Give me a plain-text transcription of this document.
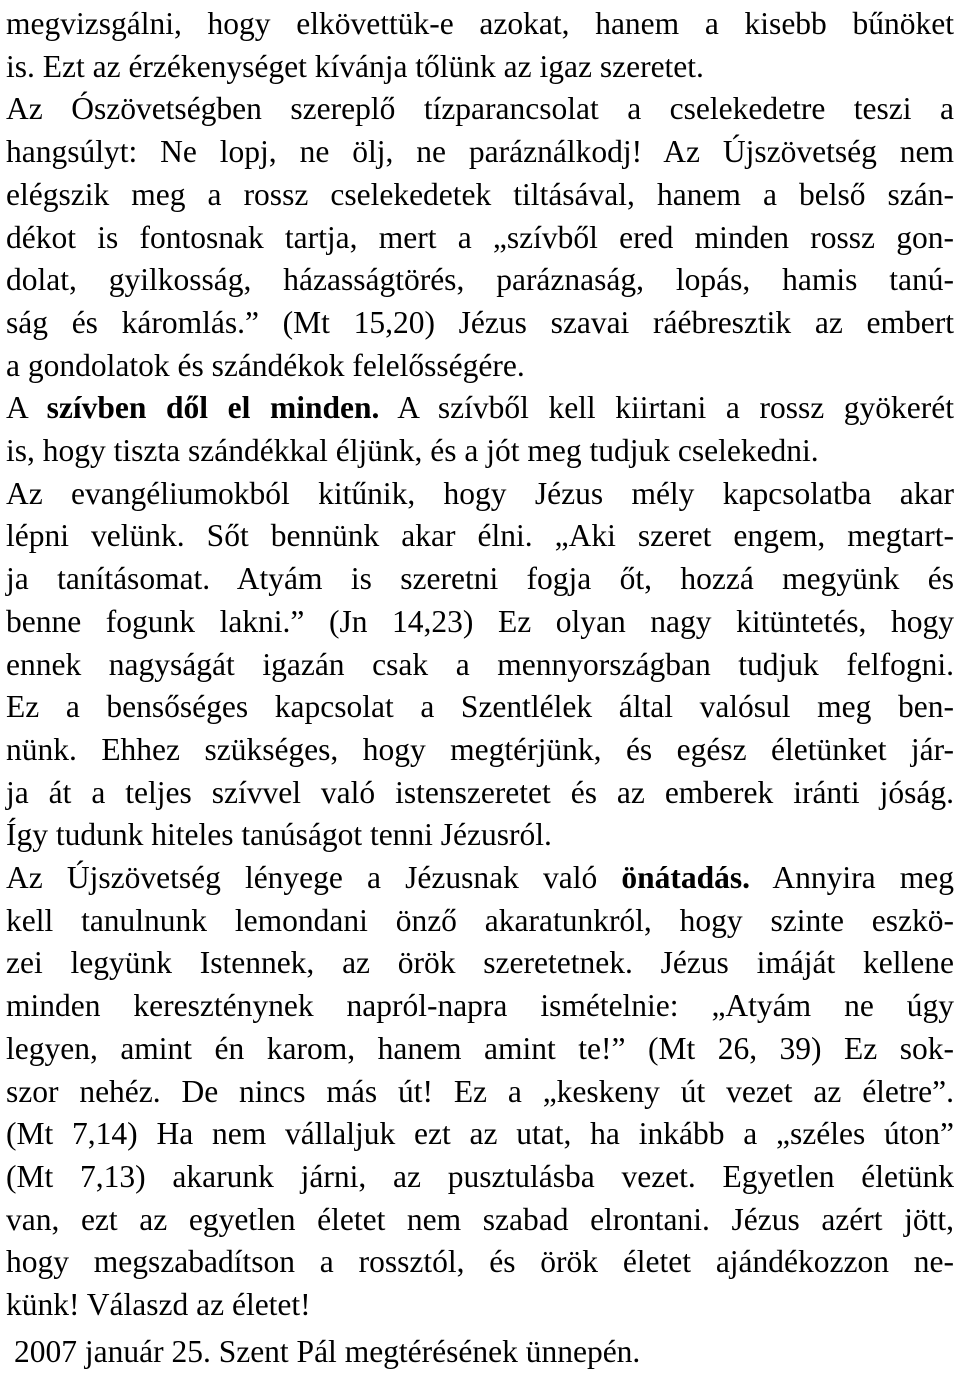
megvizsgálni, hogy elkövettük-e azokat, hanem a kisebb bűnöket
is. Ezt az érzékenységet kívánja tőlünk az igaz szeretet.
Az Ószövetségben szereplő tízparancsolat a cselekedetre teszi a
hangsúlyt: Ne lopj, ne ölj, ne paráználkodj! Az Újszövetség nem
elégszik meg a rossz cselekedetek tiltásával, hanem a belső szán-
dékot is fontosnak tartja, mert a „szívből ered minden rossz gon-
dolat, gyilkosság, házasságtörés, paráznaság, lopás, hamis tanú-
ság és káromlás.” (Mt 15,20) Jézus szavai ráébresztik az embert
a gondolatok és szándékok felelősségére.
A szívben dől el minden. A szívből kell kiirtani a rossz gyökerét
is, hogy tiszta szándékkal éljünk, és a jót meg tudjuk cselekedni.
Az evangéliumokból kitűnik, hogy Jézus mély kapcsolatba akar
lépni velünk. Sőt bennünk akar élni. „Aki szeret engem, megtart-
ja tanításomat. Atyám is szeretni fogja őt, hozzá megyünk és
benne fogunk lakni.” (Jn 14,23) Ez olyan nagy kitüntetés, hogy
ennek nagyságát igazán csak a mennyországban tudjuk felfogni.
Ez a bensőséges kapcsolat a Szentlélek által valósul meg ben-
nünk. Ehhez szükséges, hogy megtérjünk, és egész életünket jár-
ja át a teljes szívvel való istenszeretet és az emberek iránti jóság.
Így tudunk hiteles tanúságot tenni Jézusról.
Az Újszövetség lényege a Jézusnak való önátadás. Annyira meg
kell tanulnunk lemondani önző akaratunkról, hogy szinte eszkö-
zei legyünk Istennek, az örök szeretetnek. Jézus imáját kellene
minden kereszténynek napról-napra ismételnie: „Atyám ne úgy
legyen, amint én karom, hanem amint te!” (Mt 26, 39) Ez sok-
szor nehéz. De nincs más út! Ez a „keskeny út vezet az életre”.
(Mt 7,14) Ha nem vállaljuk ezt az utat, ha inkább a „széles úton”
(Mt 7,13) akarunk járni, az pusztulásba vezet. Egyetlen életünk
van, ezt az egyetlen életet nem szabad elrontani. Jézus azért jött,
hogy megszabadítson a rossztól, és örök életet ajándékozzon ne-
künk! Válaszd az életet!
2007 január 25. Szent Pál megtérésének ünnepén.
